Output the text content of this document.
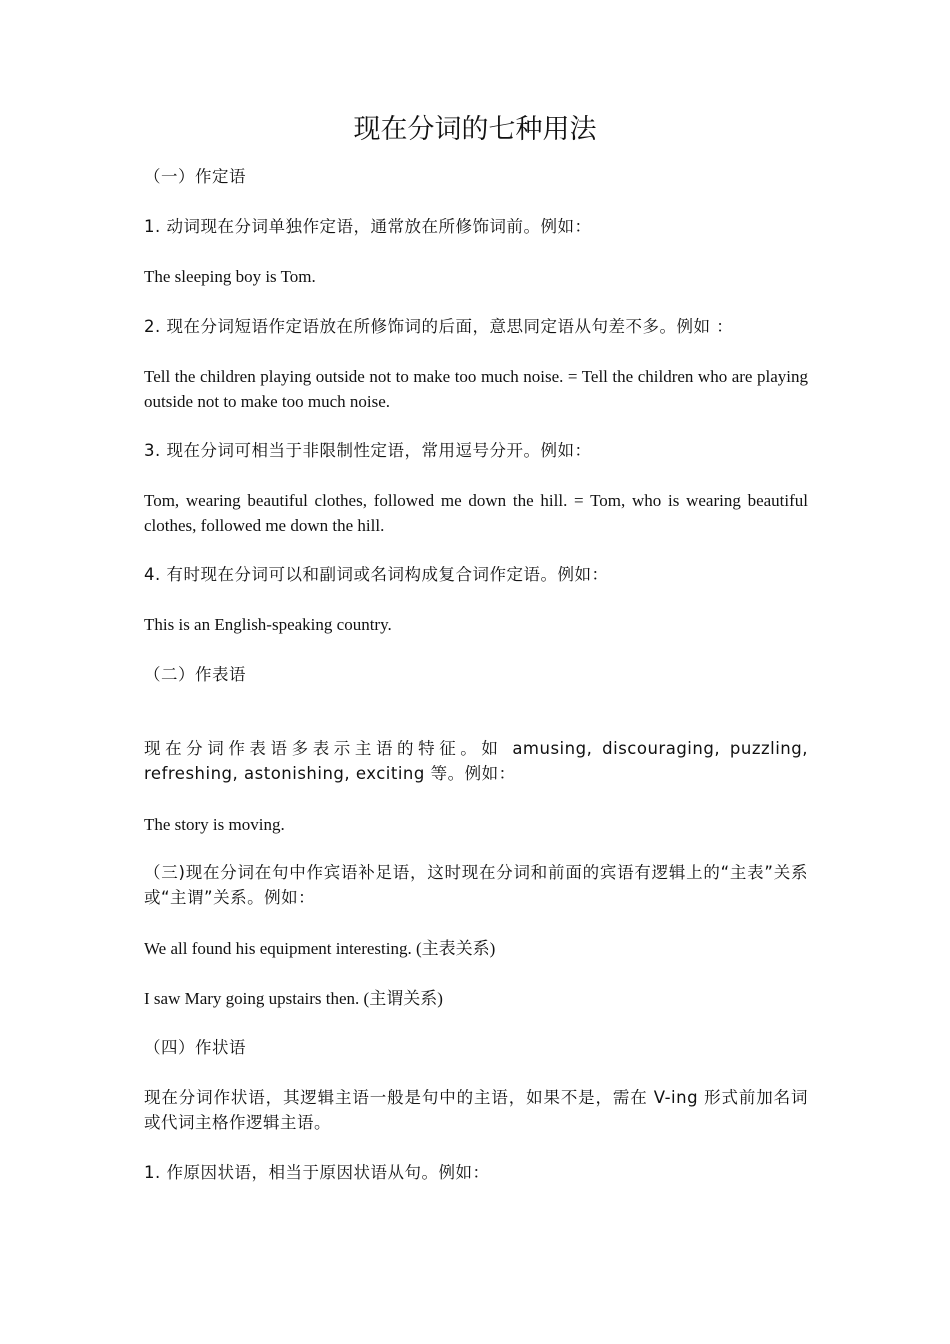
现在分词的七种用法

（一）作定语

1. 动词现在分词单独作定语，通常放在所修饰词前。例如：

The sleeping boy is Tom.

2. 现在分词短语作定语放在所修饰词的后面，意思同定语从句差不多。例如 ：

Tell the children playing outside not to make too much noise. = Tell the children who are playing outside not to make too much noise.

3. 现在分词可相当于非限制性定语，常用逗号分开。例如：

Tom, wearing beautiful clothes, followed me down the hill. = Tom, who is wearing beautiful clothes, followed me down the hill.

4. 有时现在分词可以和副词或名词构成复合词作定语。例如：

This is an English-speaking country.

（二）作表语

现在分词作表语多表示主语的特征。如 amusing, discouraging, puzzling, refreshing, astonishing, exciting 等。例如：

The story is moving.

（三)现在分词在句中作宾语补足语，这时现在分词和前面的宾语有逻辑上的“主表”关系或“主谓”关系。例如：

We all found his equipment interesting. (主表关系)

I saw Mary going upstairs then. (主谓关系)

（四）作状语

现在分词作状语，其逻辑主语一般是句中的主语，如果不是，需在 V-ing 形式前加名词或代词主格作逻辑主语。

1. 作原因状语，相当于原因状语从句。例如：
